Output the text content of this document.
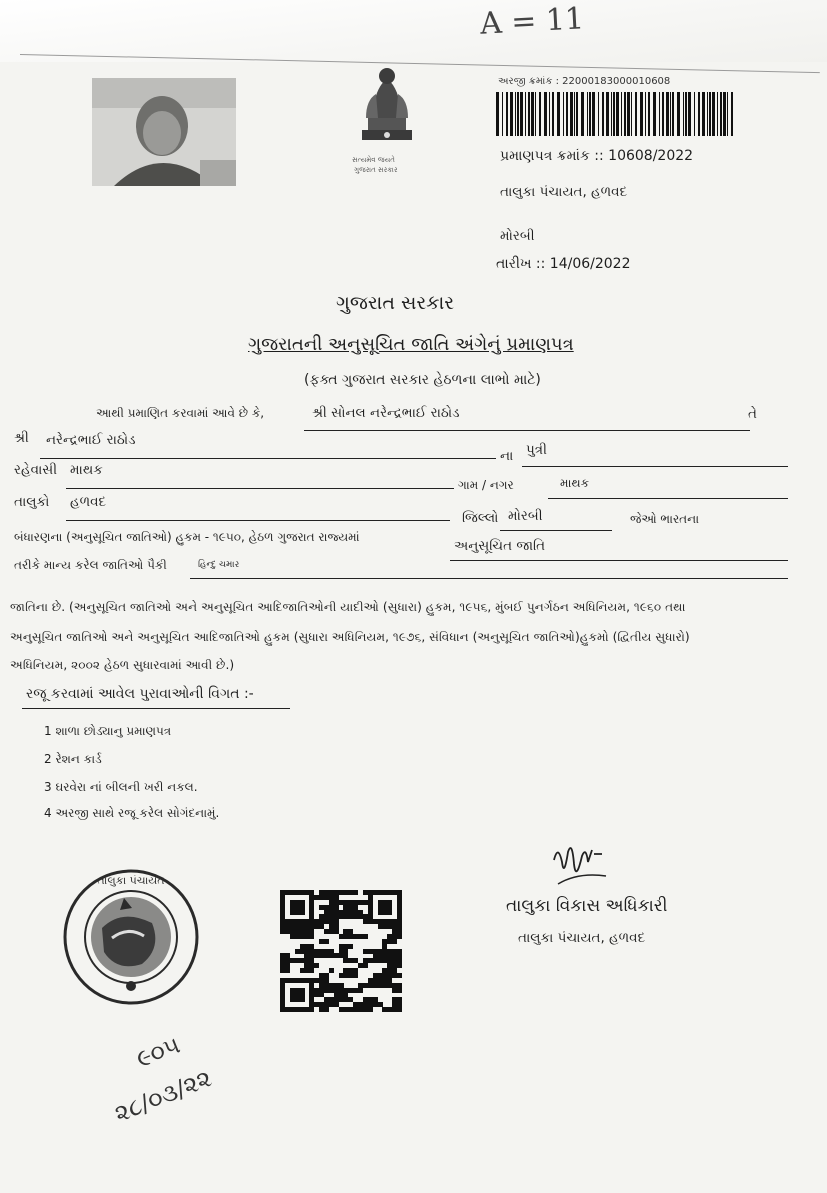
A = 11
સત્યમેવ જયતે
ગુજરાત સરકાર
અરજી ક્રમાંક : 22000183000010608
પ્રમાણપત્ર ક્રમાંક :: 10608/2022
તાલુકા પંચાયત, હળવદ
મોરબી
તારીખ :: 14/06/2022
ગુજરાત સરકાર
ગુજરાતની અનુસૂચિત જાતિ અંગેનું પ્રમાણપત્ર
(ફક્ત ગુજરાત સરકાર હેઠળના લાભો માટે)
આથી પ્રમાણિત કરવામાં આવે છે કે,	શ્રી સોનલ નરેન્દ્રભાઈ રાઠોડ	તે
શ્રી નરેન્દ્રભાઈ રાઠોડ
ના પુત્રી
રહેવાસી માથક
ગામ / નગર	માથક
તાલુકો હળવદ
જિલ્લો મોરબી	જેઓ ભારતના
બંધારણના (અનુસૂચિત જાતિઓ) હુકમ - ૧૯૫૦, હેઠળ ગુજરાત રાજ્યમાં
અનુસૂચિત જાતિ
તરીકે માન્ય કરેલ જાતિઓ પૈકી	હિન્દુ ચમાર
જાતિના છે. (અનુસૂચિત જાતિઓ અને અનુસૂચિત આદિજાતિઓની યાદીઓ (સુધારા) હુકમ, ૧૯૫૬, મુંબઈ પુનર્ગઠન અધિનિયમ, ૧૯૬૦ તથા
અનુસૂચિત જાતિઓ અને અનુસૂચિત આદિજાતિઓ હુકમ (સુધારા અધિનિયમ, ૧૯૭૬, સંવિધાન (અનુસૂચિત જાતિઓ)હુકમો (દ્વિતીય સુધારો)
અધિનિયમ, ૨૦૦૨ હેઠળ સુધારવામાં આવી છે.)
રજૂ કરવામાં આવેલ પુરાવાઓની વિગત :-
1 શાળા છોડ્યાનુ પ્રમાણપત્ર
2 રેશન કાર્ડ
3 ઘરવેરા નાં બીલની ખરી નકલ.
4 અરજી સાથે રજૂ કરેલ સોગંદનામું.
તાલુકા વિકાસ અધિકારી
તાલુકા પંચાયત, હળવદ
તાલુકા પંચાયત
૯૦૫
૨૮/૦૩/૨૨
